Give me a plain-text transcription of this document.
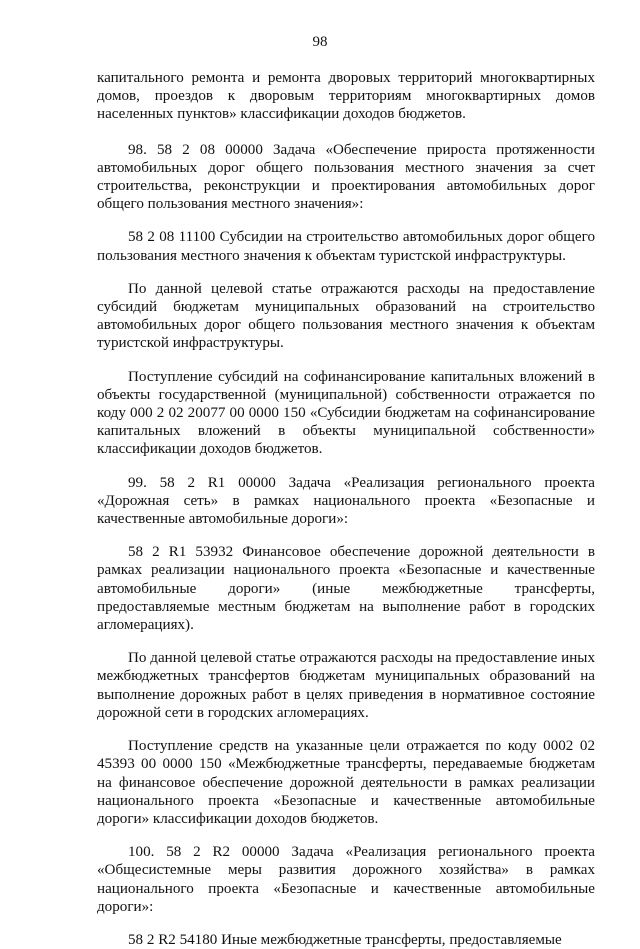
98

капитального ремонта и ремонта дворовых территорий многоквартирных домов, проездов к дворовым территориям многоквартирных домов населенных пунктов» классификации доходов бюджетов.

98. 58 2 08 00000 Задача «Обеспечение прироста протяженности автомобильных дорог общего пользования местного значения за счет строительства, реконструкции и проектирования автомобильных дорог общего пользования местного значения»:

58 2 08 11100 Субсидии на строительство автомобильных дорог общего пользования местного значения к объектам туристской инфраструктуры.

По данной целевой статье отражаются расходы на предоставление субсидий бюджетам муниципальных образований на строительство автомобильных дорог общего пользования местного значения к объектам туристской инфраструктуры.

Поступление субсидий на софинансирование капитальных вложений в объекты государственной (муниципальной) собственности отражается по коду 000 2 02 20077 00 0000 150 «Субсидии бюджетам на софинансирование капитальных вложений в объекты муниципальной собственности» классификации доходов бюджетов.

99. 58 2 R1 00000 Задача «Реализация регионального проекта «Дорожная сеть» в рамках национального проекта «Безопасные и качественные автомобильные дороги»:

58 2 R1 53932 Финансовое обеспечение дорожной деятельности в рамках реализации национального проекта «Безопасные и качественные автомобильные дороги» (иные межбюджетные трансферты, предоставляемые местным бюджетам на выполнение работ в городских агломерациях).

По данной целевой статье отражаются расходы на предоставление иных межбюджетных трансфертов бюджетам муниципальных образований на выполнение дорожных работ в целях приведения в нормативное состояние дорожной сети в городских агломерациях.

Поступление средств на указанные цели отражается по коду 0002 02 45393 00 0000 150 «Межбюджетные трансферты, передаваемые бюджетам на финансовое обеспечение дорожной деятельности в рамках реализации национального проекта «Безопасные и качественные автомобильные дороги» классификации доходов бюджетов.

100. 58 2 R2 00000 Задача «Реализация регионального проекта «Общесистемные меры развития дорожного хозяйства» в рамках национального проекта «Безопасные и качественные автомобильные дороги»:

58 2 R2 54180 Иные межбюджетные трансферты, предоставляемые
